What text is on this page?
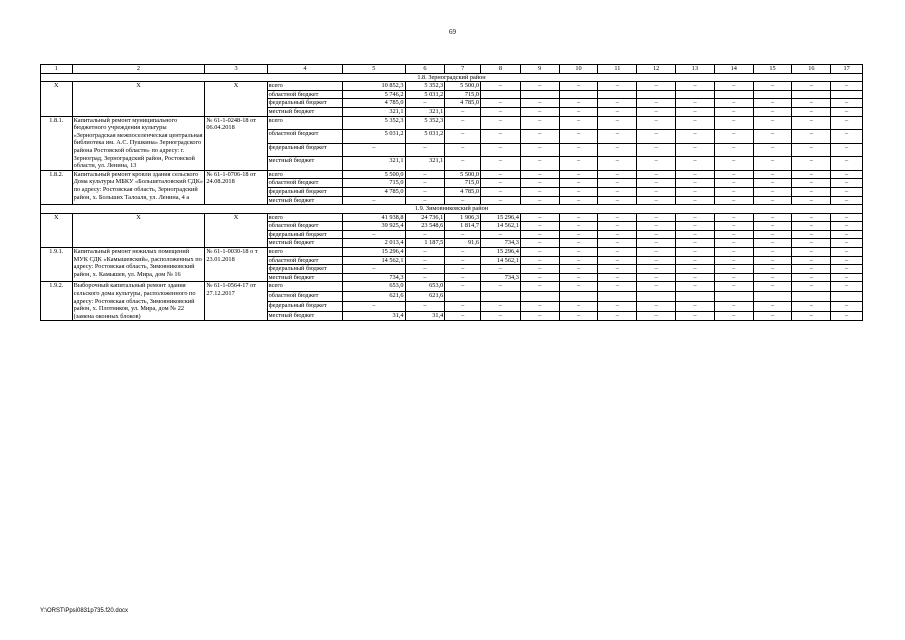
69
1	2	3	4	5	6	7	8	9	10	11	12	13	14	15	16	17
1.8. Зерноградский район																
Х	Х	Х	всего	10 852,3	5 352,3	5 500,0	–	–	–	–	–	–	–	–	–	–
			областной бюджет	5 746,2	5 031,2	715,0										
			федеральный бюджет	4 785,0	–	4 785,0	–	–	–	–	–	–	–	–	–	–
			местный бюджет	321,1	321,1	–	–	–	–	–	–	–	–	–	–	–
1.8.1.	Капитальный ремонт муниципального бюджетного учреждения культуры «Зерноградская межпоселенческая центральная библиотека им. А.С. Пушкина» Зерноградского района Ростовской области» по адресу: г. Зерноград, Зерноградский район, Ростовской области, ул. Ленина, 13	№ 61-1-0248-18 от 06.04.2018	всего	5 352,3	5 352,3	–	–	–	–	–	–	–	–	–	–	–
			областной бюджет	5 031,2	5 031,2	–	–	–	–	–	–	–	–	–	–	–
			федеральный бюджет	–	–	–	–	–	–	–	–	–	–	–	–	–
			местный бюджет	321,1	321,1	–	–	–	–	–	–	–	–	–	–	–
1.8.2.	Капитальный ремонт кровли здания сельского Дома культуры МБКУ «Большеталовский СДК» по адресу: Ростовская область, Зерноградский район, х. Больших Талоаля, ул. Ленина, 4 а	№ 61-1-0706-18 от 24.08.2018	всего	5 500,0	–	5 500,0	–	–	–	–	–	–	–	–	–	–
			областной бюджет	715,0	–	715,0	–	–	–	–	–	–	–	–	–	–
			федеральный бюджет	4 785,0	–	4 785,0	–	–	–	–	–	–	–	–	–	–
			местный бюджет	–	–	–	–	–	–	–	–	–	–	–	–	–
1.9. Зимовниковский район																
Х	Х	Х	всего	41 938,8	24 736,1	1 906,3	15 296,4	–	–	–	–	–	–	–	–	–
			областной бюджет	39 925,4	23 548,6	1 814,7	14 562,1	–	–	–	–	–	–	–	–	–
			федеральный бюджет	–	–	–	–	–	–	–	–	–	–	–	–	–
			местный бюджет	2 013,4	1 187,5	91,6	734,3	–	–	–	–	–	–	–	–	–
1.9.1.	Капитальный ремонт нежилых помещений МУК СДК «Камышевский», расположенных по адресу: Ростовская область, Зимовниковский район, х. Камышев, ул. Мира, дом № 16	№ 61-1-0030-18 о т 23.01.2018	всего	15 296,4	–	–	15 296,4	–	–	–	–	–	–	–	–	–
			областной бюджет	14 562,1	–	–	14 562,1	–	–	–	–	–	–	–	–	–
			федеральный бюджет	–	–	–	–	–	–	–	–	–	–	–	–	–
			местный бюджет	734,3	–	–	734,3	–	–	–	–	–	–	–	–	–
1.9.2.	Выборочный капитальный ремонт здания сельского дома культуры, расположенного по адресу: Ростовская область, Зимовниковский район, х. Плотников, ул. Мира, дом № 22 (замена оконных блоков)	№ 61-1-0564-17 от 27.12.2017	всего	653,0	653,0	–	–	–	–	–	–	–	–	–	–	–
			областной бюджет	621,6	621,6											
			федеральный бюджет	–	–	–	–	–	–	–	–	–	–	–	–	–
			местный бюджет	31,4	31,4	–	–	–	–	–	–	–	–	–	–	–
Y:\ORST\Ppsi0831p735.f20.docx
